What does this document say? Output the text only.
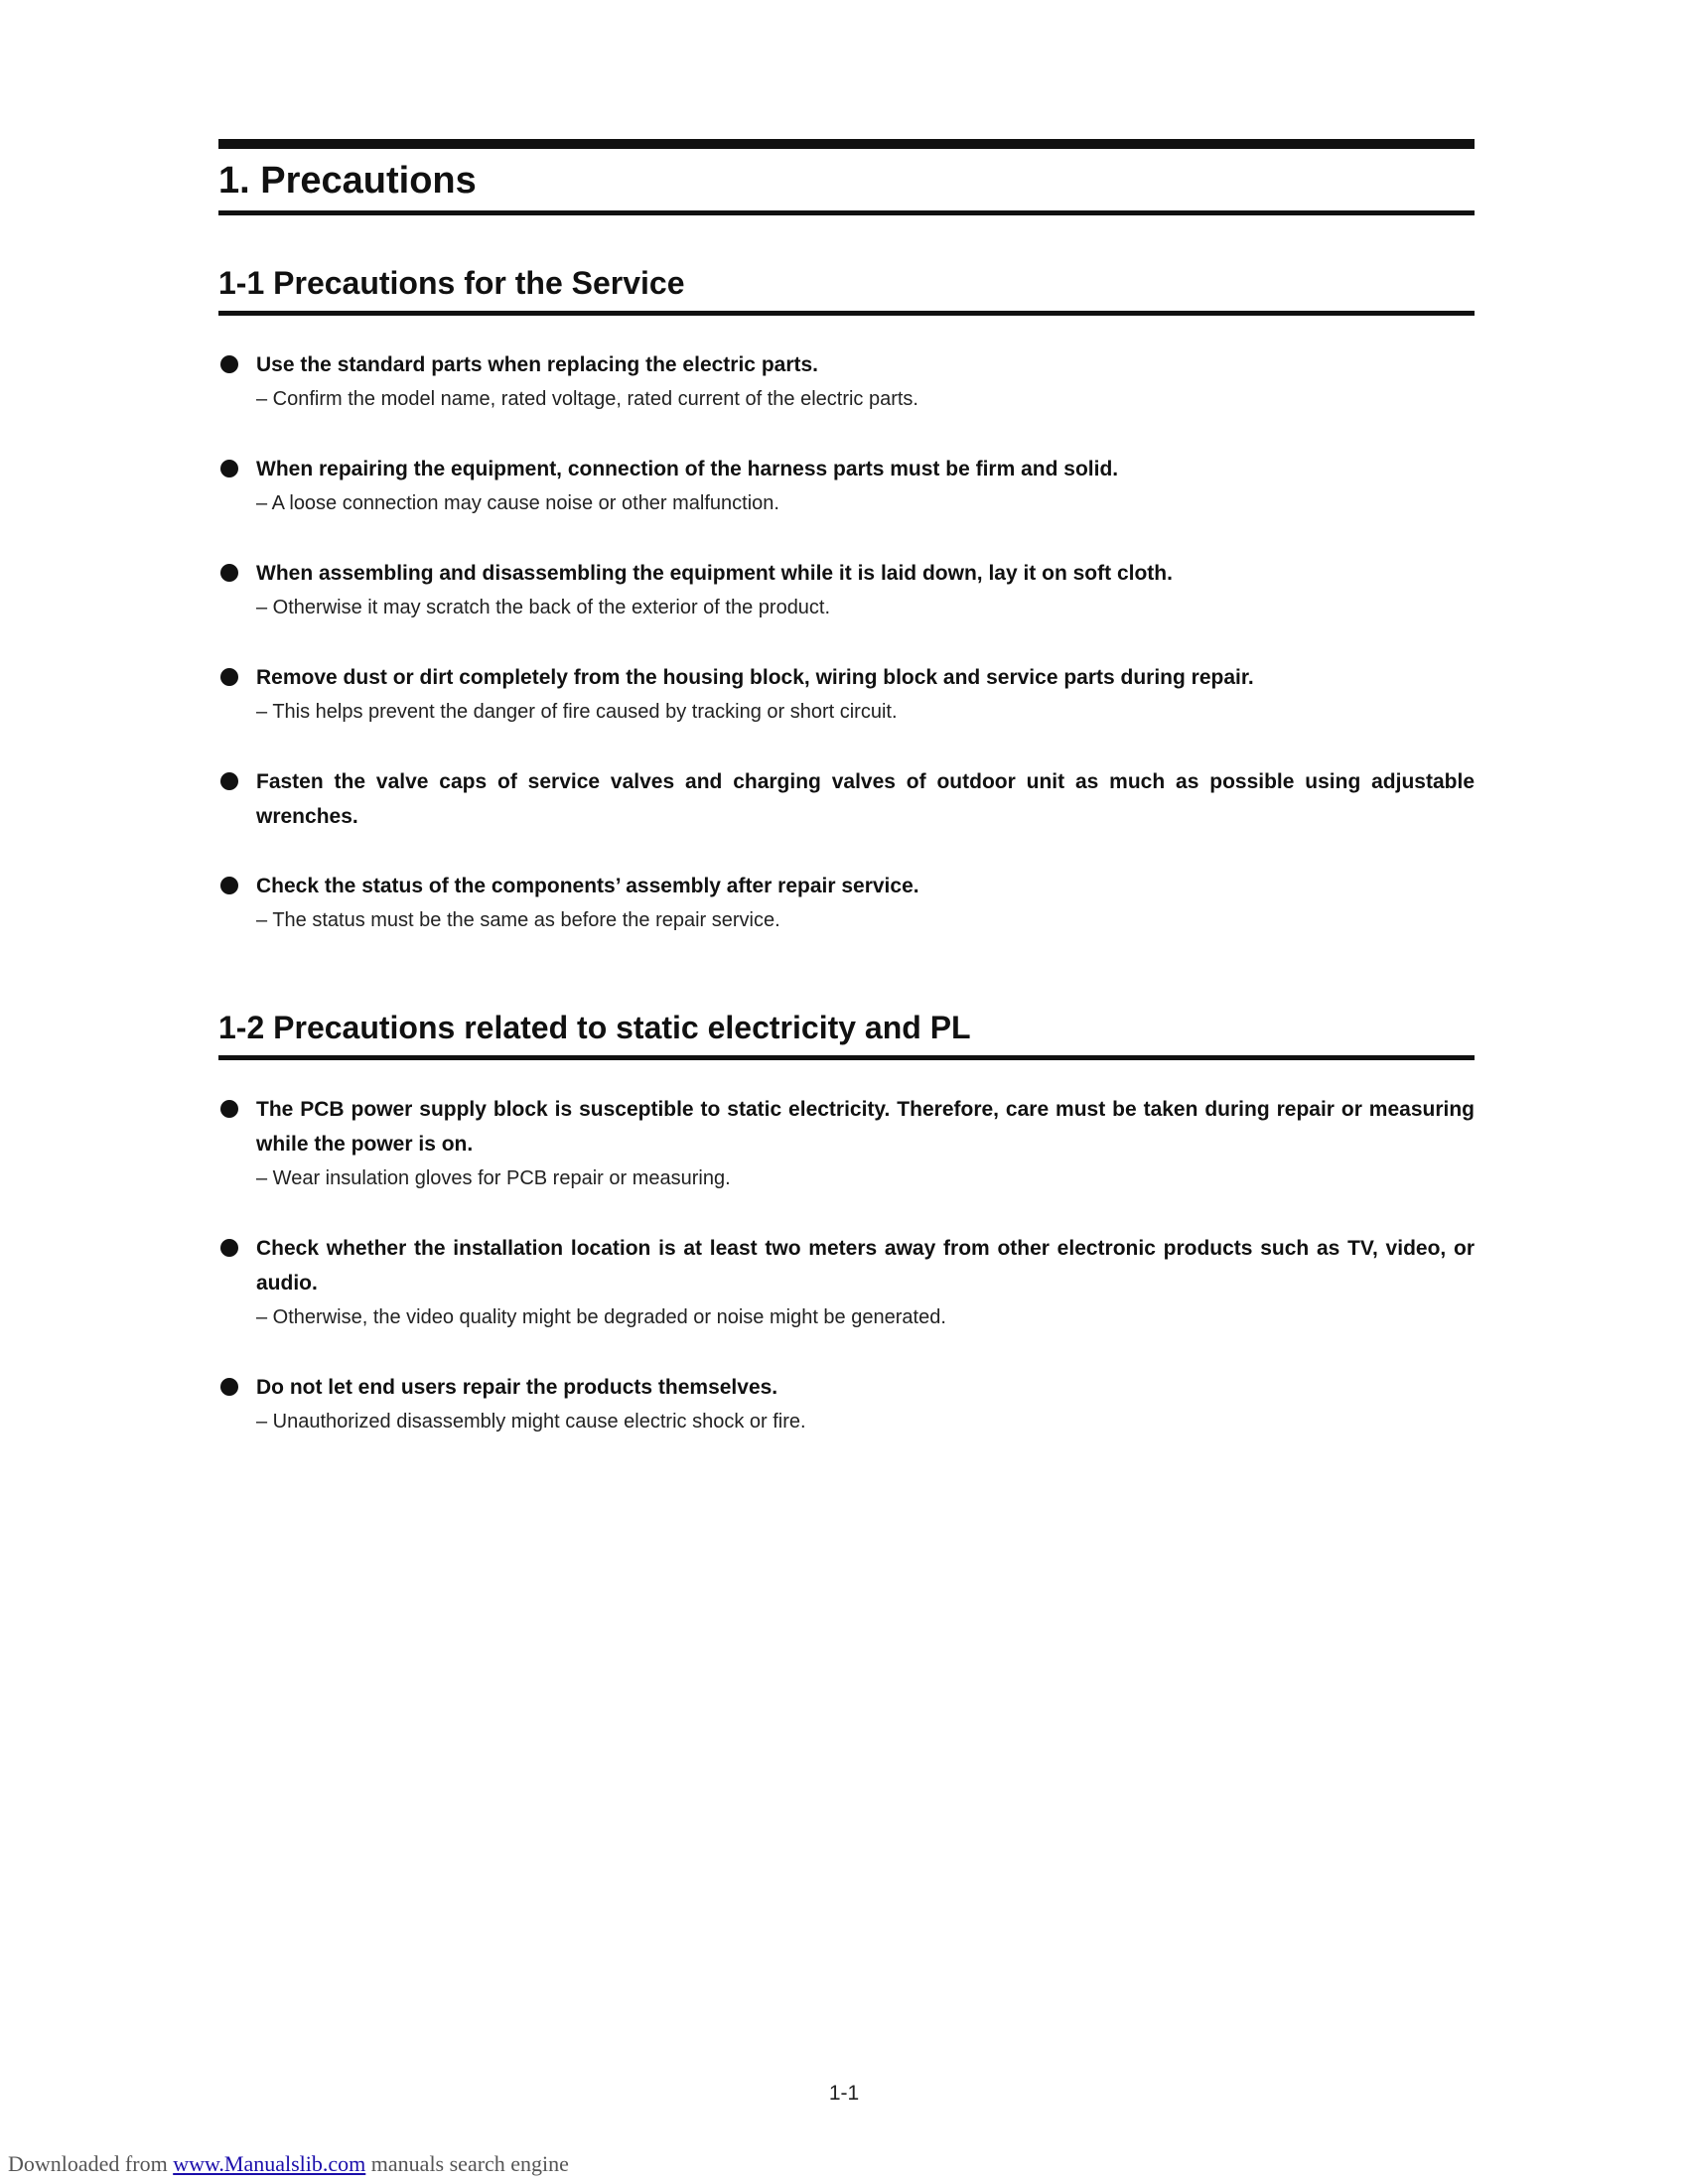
1. Precautions
1-1 Precautions for the Service
Use the standard parts when replacing the electric parts.
– Confirm the model name, rated voltage, rated current of the electric parts.
When repairing the equipment, connection of the harness parts must be firm and solid.
– A loose connection may cause noise or other malfunction.
When assembling and disassembling the equipment while it is laid down, lay it on soft cloth.
– Otherwise it may scratch the back of the exterior of the product.
Remove dust or dirt completely from the housing block, wiring block and service parts during repair.
– This helps prevent the danger of fire caused by tracking or short circuit.
Fasten the valve caps of service valves and charging valves of outdoor unit as much as possible using adjustable wrenches.
Check the status of the components’ assembly after repair service.
– The status must be the same as before the repair service.
1-2 Precautions related to static electricity and PL
The PCB power supply block is susceptible to static electricity. Therefore, care must be taken during repair or measuring while the power is on.
– Wear insulation gloves for PCB repair or measuring.
Check whether the installation location is at least two meters away from other electronic products such as TV, video, or audio.
– Otherwise, the video quality might be degraded or noise might be generated.
Do not let end users repair the products themselves.
– Unauthorized disassembly might cause electric shock or fire.
1-1
Downloaded from www.Manualslib.com manuals search engine
